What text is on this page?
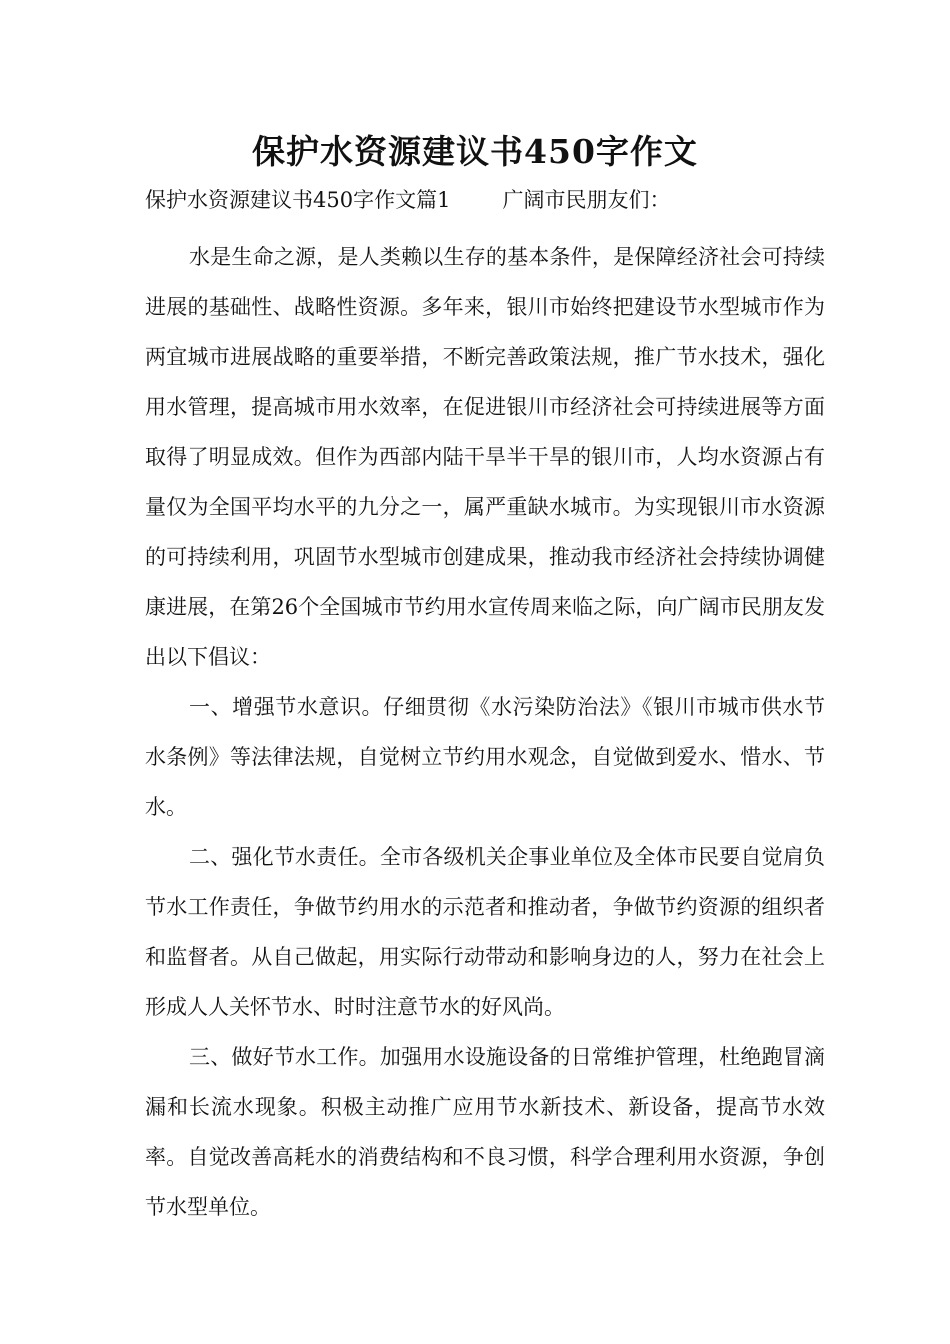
保护水资源建议书450字作文

保护水资源建议书450字作文篇1 广阔市民朋友们：

水是生命之源，是人类赖以生存的基本条件，是保障经济社会可持续进展的基础性、战略性资源。多年来，银川市始终把建设节水型城市作为两宜城市进展战略的重要举措，不断完善政策法规，推广节水技术，强化用水管理，提高城市用水效率，在促进银川市经济社会可持续进展等方面取得了明显成效。但作为西部内陆干旱半干旱的银川市，人均水资源占有量仅为全国平均水平的九分之一，属严重缺水城市。为实现银川市水资源的可持续利用，巩固节水型城市创建成果，推动我市经济社会持续协调健康进展，在第26个全国城市节约用水宣传周来临之际，向广阔市民朋友发出以下倡议：

一、增强节水意识。仔细贯彻《水污染防治法》《银川市城市供水节水条例》等法律法规，自觉树立节约用水观念，自觉做到爱水、惜水、节水。

二、强化节水责任。全市各级机关企事业单位及全体市民要自觉肩负节水工作责任，争做节约用水的示范者和推动者，争做节约资源的组织者和监督者。从自己做起，用实际行动带动和影响身边的人，努力在社会上形成人人关怀节水、时时注意节水的好风尚。

三、做好节水工作。加强用水设施设备的日常维护管理，杜绝跑冒滴漏和长流水现象。积极主动推广应用节水新技术、新设备，提高节水效率。自觉改善高耗水的消费结构和不良习惯，科学合理利用水资源，争创节水型单位。
